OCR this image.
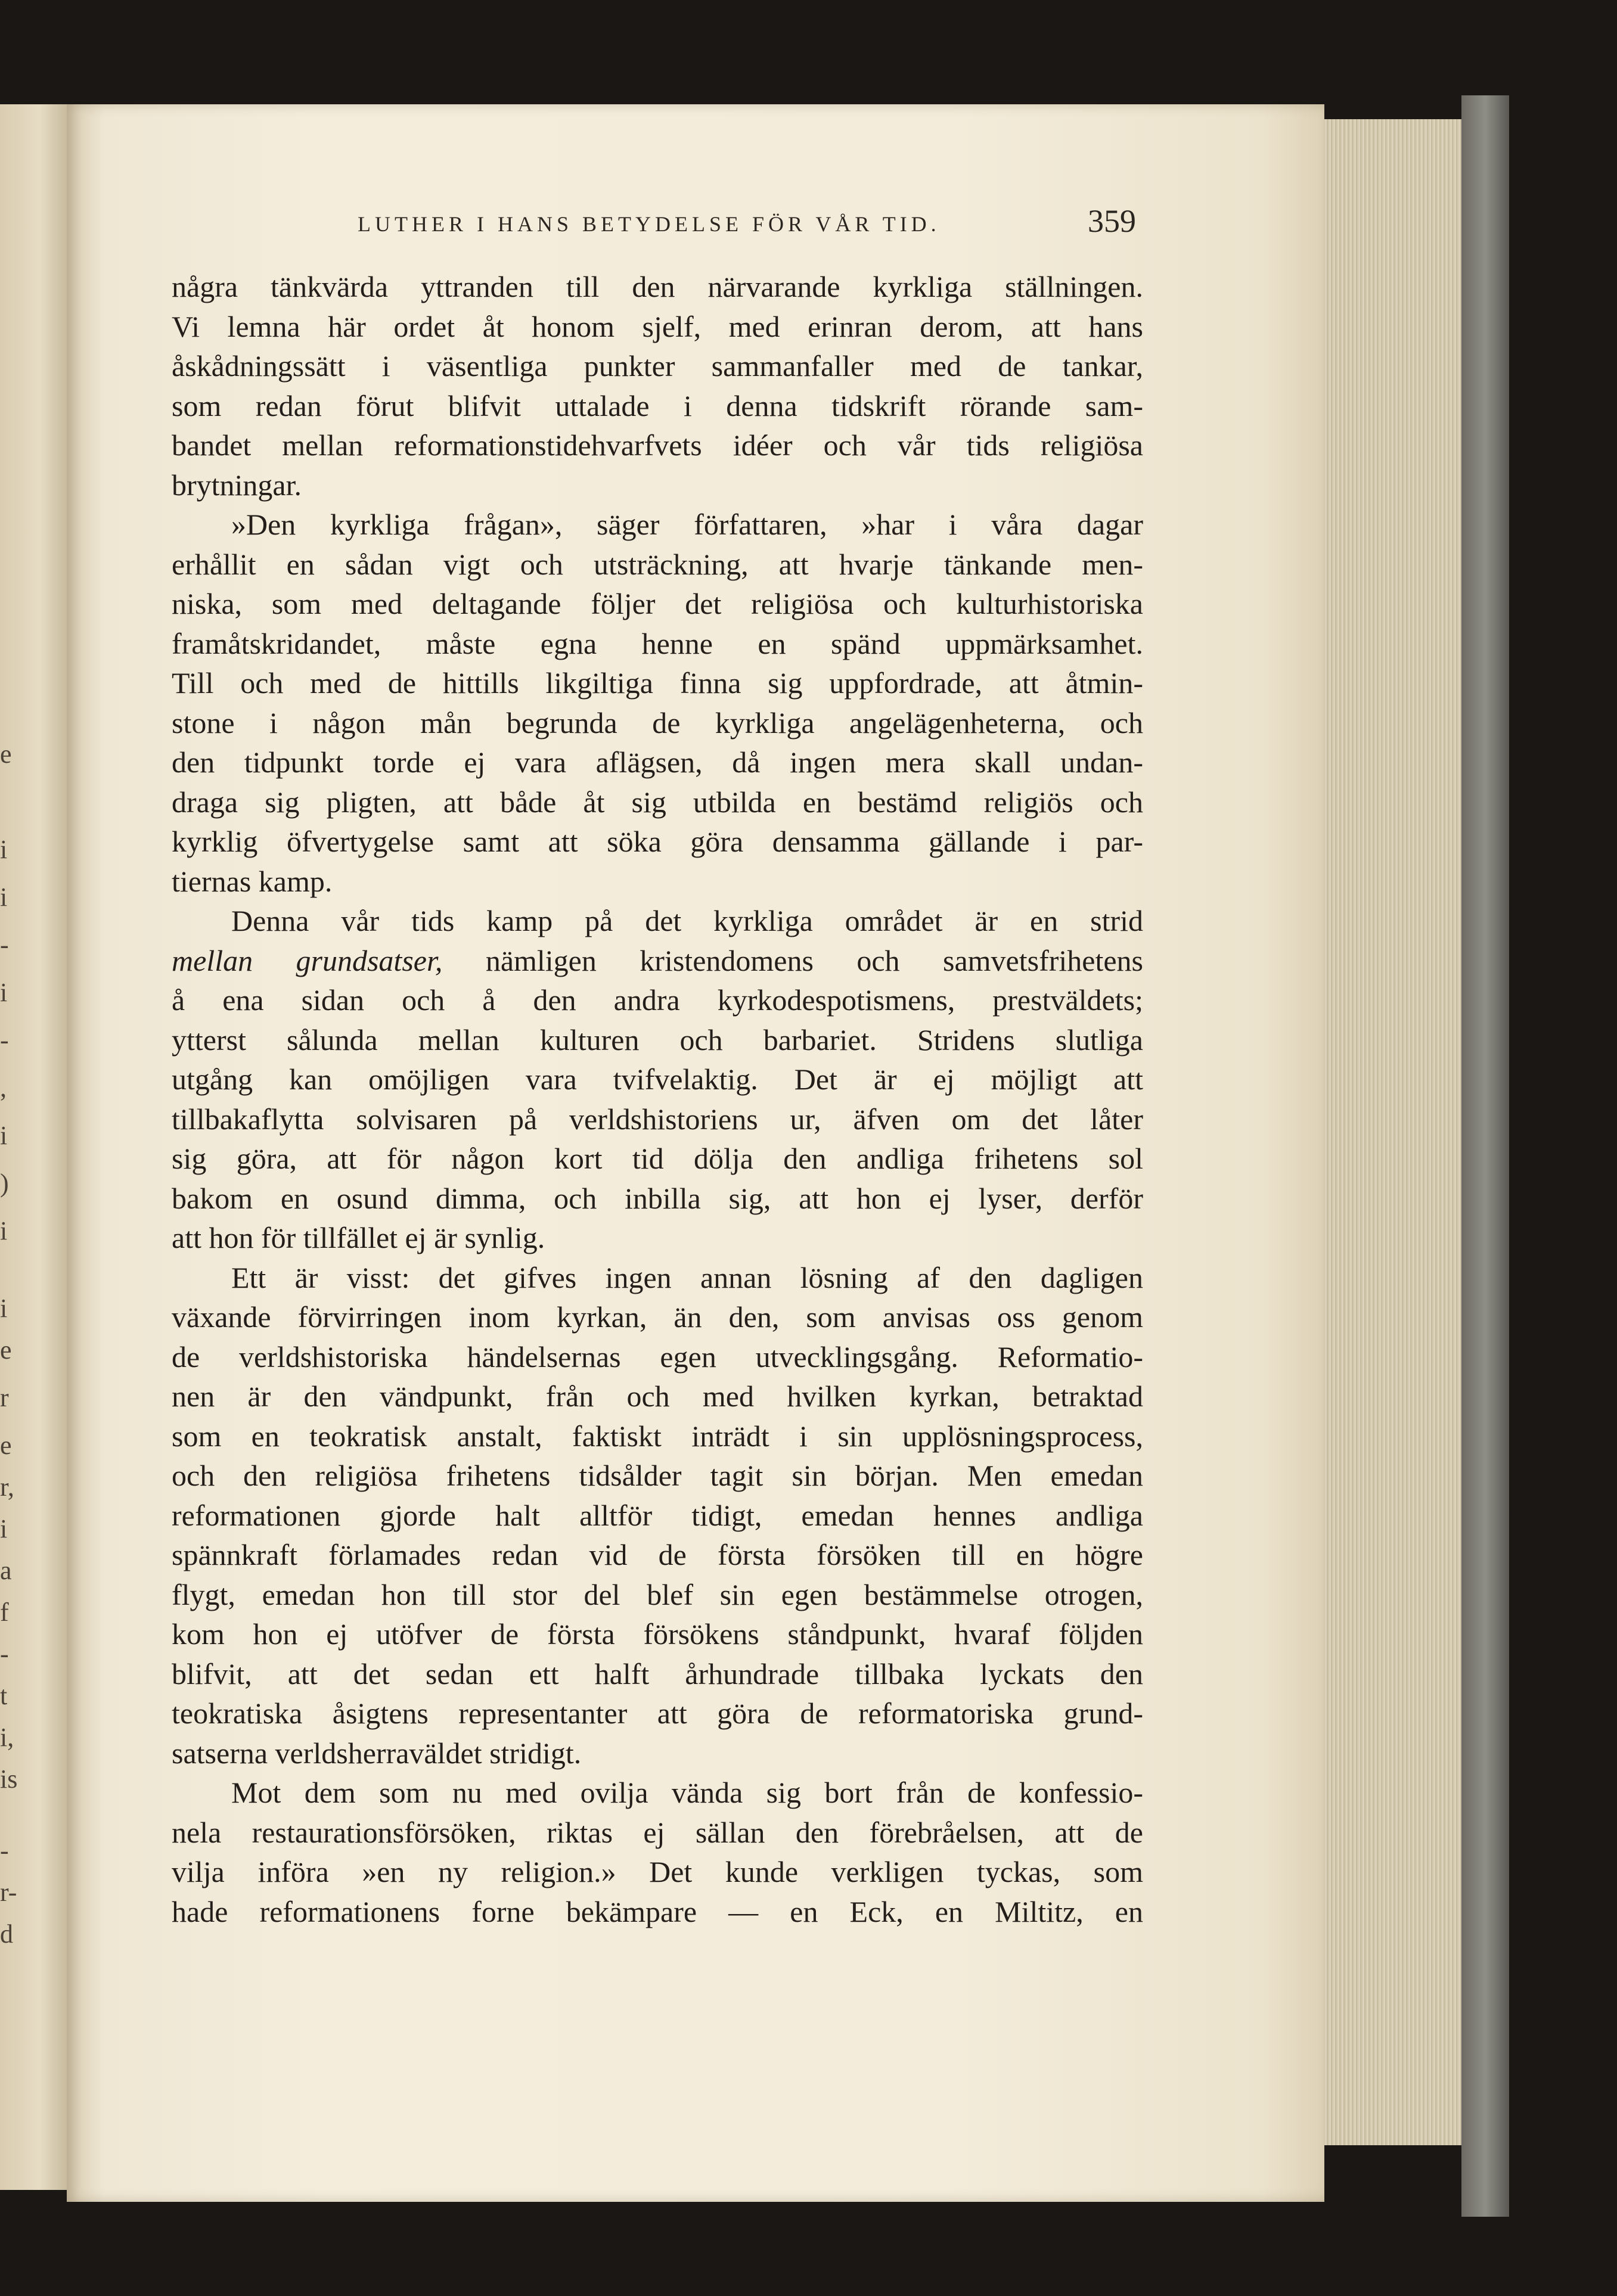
e
i
i
-
i
-
,
i
)
i
i
e
r
e
r,
i
a
f
-
t
i,
is
-
r-
d
LUTHER I HANS BETYDELSE FÖR VÅR TID.	359

några tänkvärda yttranden till den närvarande kyrkliga ställningen.

Vi lemna här ordet åt honom sjelf, med erinran derom, att hans

åskådningssätt i väsentliga punkter sammanfaller med de tankar,

som redan förut blifvit uttalade i denna tidskrift rörande sam-

bandet mellan reformationstidehvarfvets idéer och vår tids religiösa

brytningar.

»Den kyrkliga frågan», säger författaren, »har i våra dagar

erhållit en sådan vigt och utsträckning, att hvarje tänkande men-

niska, som med deltagande följer det religiösa och kulturhistoriska

framåtskridandet, måste egna henne en spänd uppmärksamhet.

Till och med de hittills likgiltiga finna sig uppfordrade, att åtmin-

stone i någon mån begrunda de kyrkliga angelägenheterna, och

den tidpunkt torde ej vara aflägsen, då ingen mera skall undan-

draga sig pligten, att både åt sig utbilda en bestämd religiös och

kyrklig öfvertygelse samt att söka göra densamma gällande i par-

tiernas kamp.

Denna vår tids kamp på det kyrkliga området är en strid

mellan grundsatser, nämligen kristendomens och samvetsfrihetens

å ena sidan och å den andra kyrkodespotismens, prestväldets;

ytterst sålunda mellan kulturen och barbariet. Stridens slutliga

utgång kan omöjligen vara tvifvelaktig. Det är ej möjligt att

tillbakaflytta solvisaren på verldshistoriens ur, äfven om det låter

sig göra, att för någon kort tid dölja den andliga frihetens sol

bakom en osund dimma, och inbilla sig, att hon ej lyser, derför

att hon för tillfället ej är synlig.

Ett är visst: det gifves ingen annan lösning af den dagligen

växande förvirringen inom kyrkan, än den, som anvisas oss genom

de verldshistoriska händelsernas egen utvecklingsgång. Reformatio-

nen är den vändpunkt, från och med hvilken kyrkan, betraktad

som en teokratisk anstalt, faktiskt inträdt i sin upplösningsprocess,

och den religiösa frihetens tidsålder tagit sin början. Men emedan

reformationen gjorde halt alltför tidigt, emedan hennes andliga

spännkraft förlamades redan vid de första försöken till en högre

flygt, emedan hon till stor del blef sin egen bestämmelse otrogen,

kom hon ej utöfver de första försökens ståndpunkt, hvaraf följden

blifvit, att det sedan ett halft århundrade tillbaka lyckats den

teokratiska åsigtens representanter att göra de reformatoriska grund-

satserna verldsherraväldet stridigt.

Mot dem som nu med ovilja vända sig bort från de konfessio-

nela restaurationsförsöken, riktas ej sällan den förebråelsen, att de

vilja införa »en ny religion.» Det kunde verkligen tyckas, som

hade reformationens forne bekämpare — en Eck, en Miltitz, en
